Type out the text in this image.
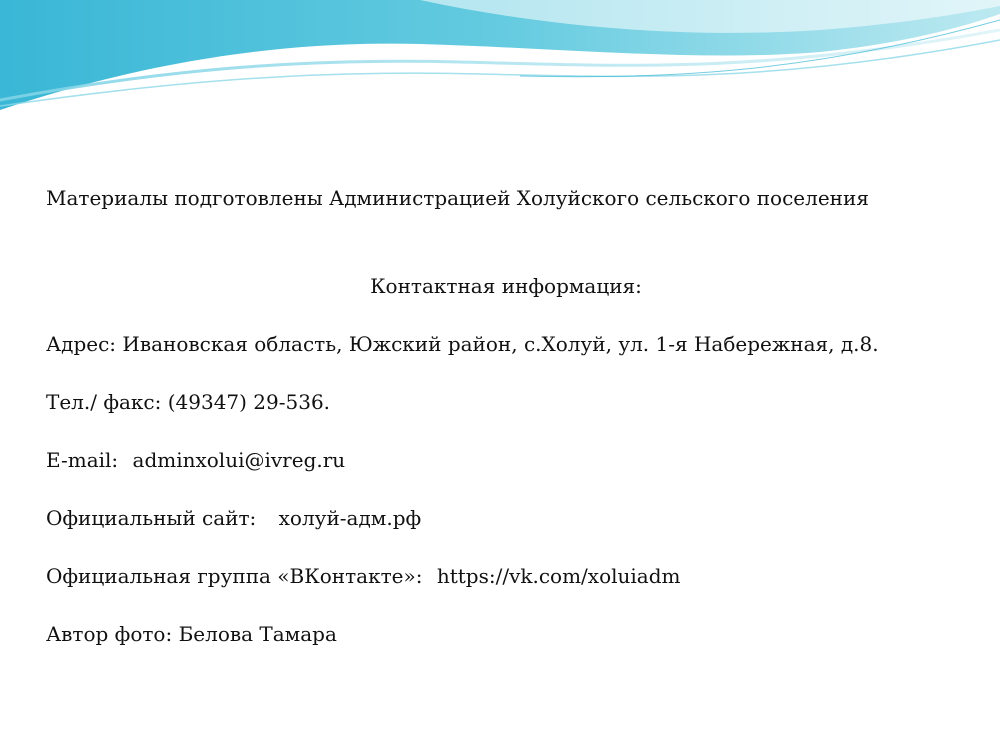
Материалы подготовлены Администрацией Холуйского сельского поселения
Контактная информация:
Адрес: Ивановская область, Южский район, с.Холуй, ул. 1-я Набережная, д.8.
Тел./ факс: (49347) 29-536.
E-mail: adminxolui@ivreg.ru
Официальный сайт: холуй-адм.рф
Официальная группа «ВКонтакте»: https://vk.com/xoluiadm
Автор фото: Белова Тамара
